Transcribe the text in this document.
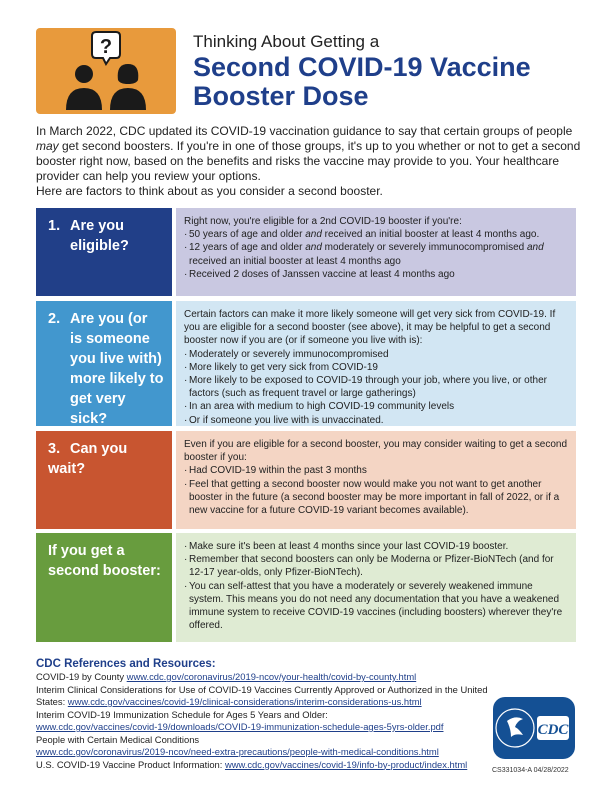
?	Thinking About Getting a
Second COVID-19 Vaccine
Booster Dose

In March 2022, CDC updated its COVID-19 vaccination guidance to say that certain groups of people may get second boosters. If you're in one of those groups, it's up to you whether or not to get a second booster right now, based on the benefits and risks the vaccine may provide to you. Your healthcare provider can help you review your options.

Here are factors to think about as you consider a second booster.

1. Are you
eligible?

Right now, you're eligible for a 2nd COVID-19 booster if you're:

· 50 years of age and older and received an initial booster at least 4 months ago.
· 12 years of age and older and moderately or severely immunocompromised and received an initial booster at least 4 months ago
· Received 2 doses of Janssen vaccine at least 4 months ago
2. Are you (or
is someone
you live with)
more likely to
get very sick?

Certain factors can make it more likely someone will get very sick from COVID-19. If you are eligible for a second booster (see above), it may be helpful to get a second booster now if you are (or if someone you live with is):

· Moderately or severely immunocompromised
· More likely to get very sick from COVID-19
· More likely to be exposed to COVID-19 through your job, where you live, or other factors (such as frequent travel or large gatherings)
· In an area with medium to high COVID-19 community levels
· Or if someone you live with is unvaccinated.
3. Can you wait?

Even if you are eligible for a second booster, you may consider waiting to get a second booster if you:

· Had COVID-19 within the past 3 months
· Feel that getting a second booster now would make you not want to get another booster in the future (a second booster may be more important in fall of 2022, or if a new vaccine for a future COVID-19 variant becomes available).
If you get a
second booster:
· Make sure it's been at least 4 months since your last COVID-19 booster.
· Remember that second boosters can only be Moderna or Pfizer-BioNTech (and for 12-17 year-olds, only Pfizer-BioNTech).
· You can self-attest that you have a moderately or severely weakened immune system. This means you do not need any documentation that you have a weakened immune system to receive COVID-19 vaccines (including boosters) wherever they're offered.
CDC References and Resources:
COVID-19 by County www.cdc.gov/coronavirus/2019-ncov/your-health/covid-by-county.html
Interim Clinical Considerations for Use of COVID-19 Vaccines Currently Approved or Authorized in the United States: www.cdc.gov/vaccines/covid-19/clinical-considerations/interim-considerations-us.html
Interim COVID-19 Immunization Schedule for Ages 5 Years and Older:
www.cdc.gov/vaccines/covid-19/downloads/COVID-19-immunization-schedule-ages-5yrs-older.pdf
People with Certain Medical Conditions
www.cdc.gov/coronavirus/2019-ncov/need-extra-precautions/people-with-medical-conditions.html
U.S. COVID-19 Vaccine Product Information: www.cdc.gov/vaccines/covid-19/info-by-product/index.html
CDC
CS331034-A 04/28/2022
